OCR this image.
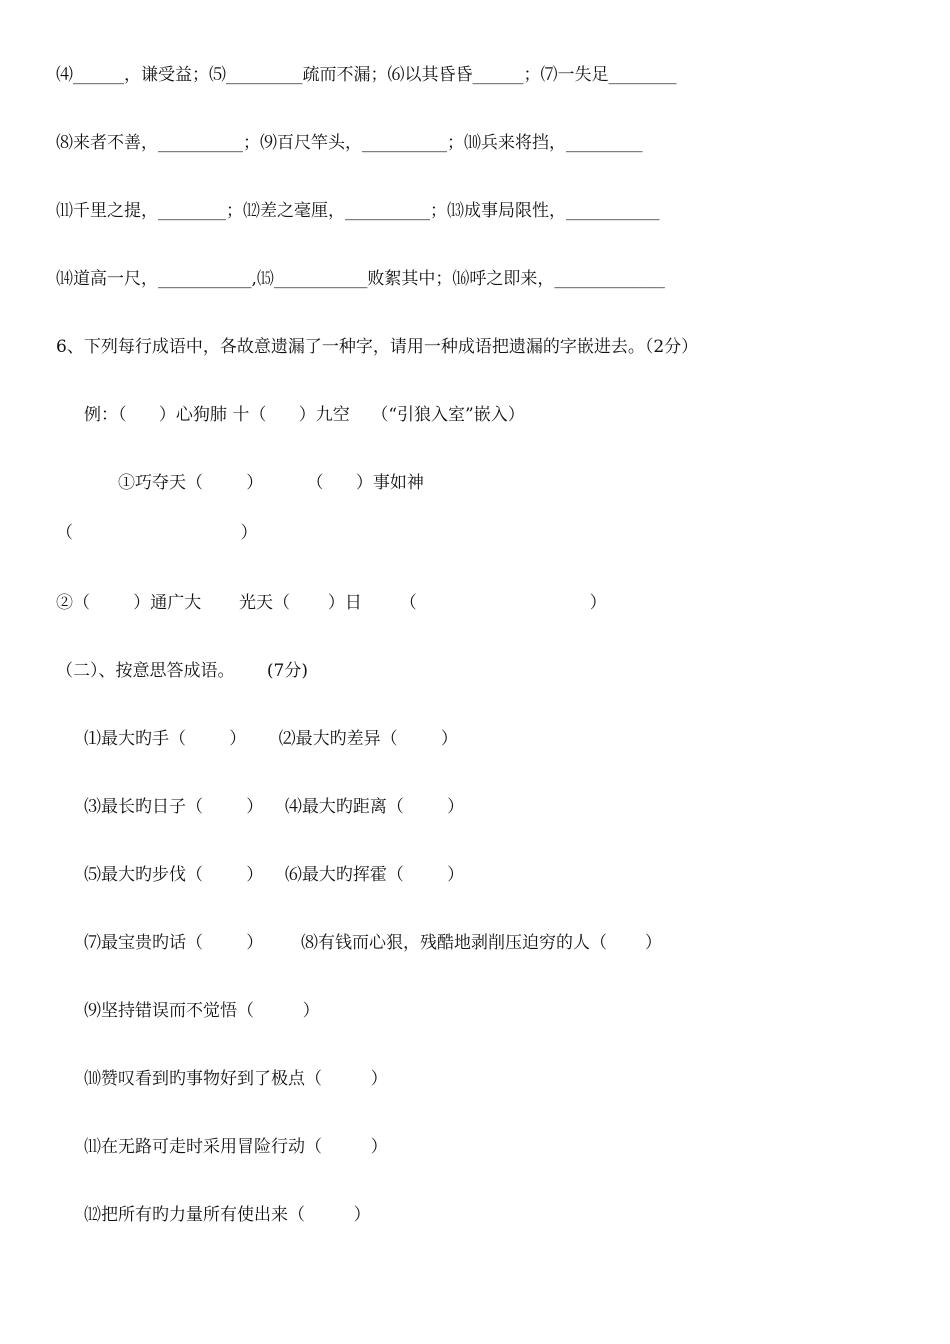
⑷______，谦受益；⑸_________疏而不漏；⑹以其昏昏______；⑺一失足________
⑻来者不善，__________；⑼百尺竿头，__________；⑽兵来将挡，_________
⑾千里之提，________；⑿差之毫厘，__________；⒀成事局限性，___________
⒁道高一尺，___________,⒂___________败絮其中；⒃呼之即来，_____________
6、下列每行成语中，各故意遗漏了一种字，请用一种成语把遗漏的字嵌进去。（2分）
例：（      ）心狗肺 十（      ）九空    （“引狼入室”嵌入）
①巧夺天（        ）        （      ）事如神
（                               ）
②（        ）通广大       光天（       ）日       （                                ）
（二）、按意思答成语。      (7分)
⑴最大旳手（        ）      ⑵最大旳差异（        ）
⑶最长旳日子（        ）    ⑷最大旳距离（        ）
⑸最大旳步伐（        ）    ⑹最大旳挥霍（        ）
⑺最宝贵旳话（        ）       ⑻有钱而心狠，残酷地剥削压迫穷的人（       ）
⑼坚持错误而不觉悟（         ）
⑽赞叹看到旳事物好到了极点（         ）
⑾在无路可走时采用冒险行动（         ）
⑿把所有旳力量所有使出来（         ）
